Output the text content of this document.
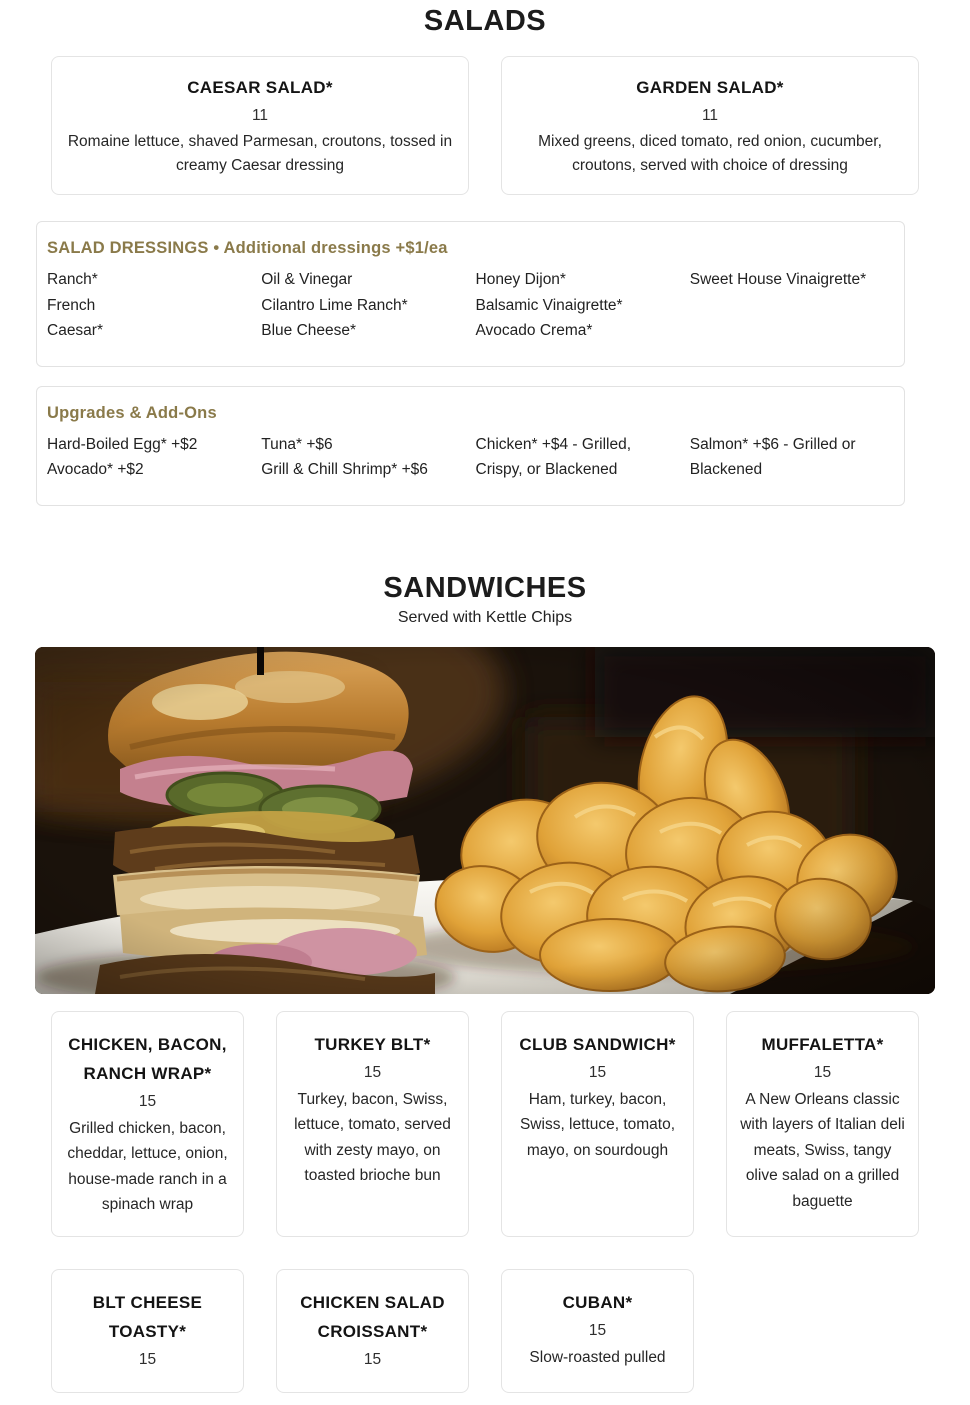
SALADS
CAESAR SALAD*
11
Romaine lettuce, shaved Parmesan, croutons, tossed in creamy Caesar dressing
GARDEN SALAD*
11
Mixed greens, diced tomato, red onion, cucumber, croutons, served with choice of dressing
SALAD DRESSINGS • Additional dressings +$1/ea
Ranch*
French
Caesar*
Oil & Vinegar
Cilantro Lime Ranch*
Blue Cheese*
Honey Dijon*
Balsamic Vinaigrette*
Avocado Crema*
Sweet House Vinaigrette*
Upgrades & Add-Ons
Hard-Boiled Egg* +$2
Avocado* +$2
Tuna* +$6
Grill & Chill Shrimp* +$6
Chicken* +$4 - Grilled, Crispy, or Blackened
Salmon* +$6 - Grilled or Blackened
SANDWICHES
Served with Kettle Chips
CHICKEN, BACON, RANCH WRAP*
15
Grilled chicken, bacon, cheddar, lettuce, onion, house-made ranch in a spinach wrap
TURKEY BLT*
15
Turkey, bacon, Swiss, lettuce, tomato, served with zesty mayo, on toasted brioche bun
CLUB SANDWICH*
15
Ham, turkey, bacon, Swiss, lettuce, tomato, mayo, on sourdough
MUFFALETTA*
15
A New Orleans classic with layers of Italian deli meats, Swiss, tangy olive salad on a grilled baguette
BLT CHEESE TOASTY*
15
CHICKEN SALAD CROISSANT*
15
CUBAN*
15
Slow-roasted pulled
